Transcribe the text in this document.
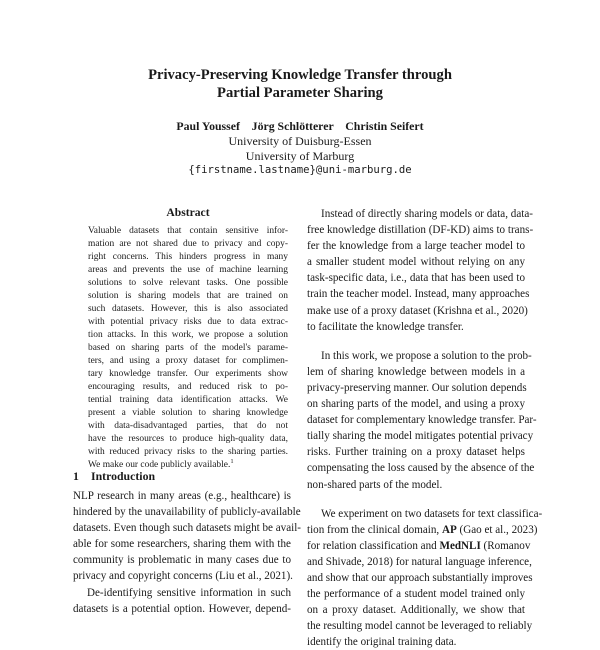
Privacy-Preserving Knowledge Transfer through
Partial Parameter Sharing
Paul Youssef    Jörg Schlötterer    Christin Seifert
University of Duisburg-Essen
University of Marburg
{firstname.lastname}@uni-marburg.de
Abstract
Valuable datasets that contain sensitive infor-
mation are not shared due to privacy and copy-
right concerns. This hinders progress in many
areas and prevents the use of machine learning
solutions to solve relevant tasks. One possible
solution is sharing models that are trained on
such datasets. However, this is also associated
with potential privacy risks due to data extrac-
tion attacks. In this work, we propose a solution
based on sharing parts of the model's parame-
ters, and using a proxy dataset for complimen-
tary knowledge transfer. Our experiments show
encouraging results, and reduced risk to po-
tential training data identification attacks. We
present a viable solution to sharing knowledge
with data-disadvantaged parties, that do not
have the resources to produce high-quality data,
with reduced privacy risks to the sharing parties.
We make our code publicly available.$^1$
1 Introduction
NLP research in many areas (e.g., healthcare) is
hindered by the unavailability of publicly-available
datasets. Even though such datasets might be avail-
able for some researchers, sharing them with the
community is problematic in many cases due to
privacy and copyright concerns (Liu et al., 2021).
De-identifying sensitive information in such
datasets is a potential option. However, depend-
Instead of directly sharing models or data, data-
free knowledge distillation (DF-KD) aims to trans-
fer the knowledge from a large teacher model to
a smaller student model without relying on any
task-specific data, i.e., data that has been used to
train the teacher model. Instead, many approaches
make use of a proxy dataset (Krishna et al., 2020)
to facilitate the knowledge transfer.
In this work, we propose a solution to the prob-
lem of sharing knowledge between models in a
privacy-preserving manner. Our solution depends
on sharing parts of the model, and using a proxy
dataset for complementary knowledge transfer. Par-
tially sharing the model mitigates potential privacy
risks. Further training on a proxy dataset helps
compensating the loss caused by the absence of the
non-shared parts of the model.
We experiment on two datasets for text classifica-
tion from the clinical domain, AP (Gao et al., 2023)
for relation classification and MedNLI (Romanov
and Shivade, 2018) for natural language inference,
and show that our approach substantially improves
the performance of a student model trained only
on a proxy dataset. Additionally, we show that
the resulting model cannot be leveraged to reliably
identify the original training data.
